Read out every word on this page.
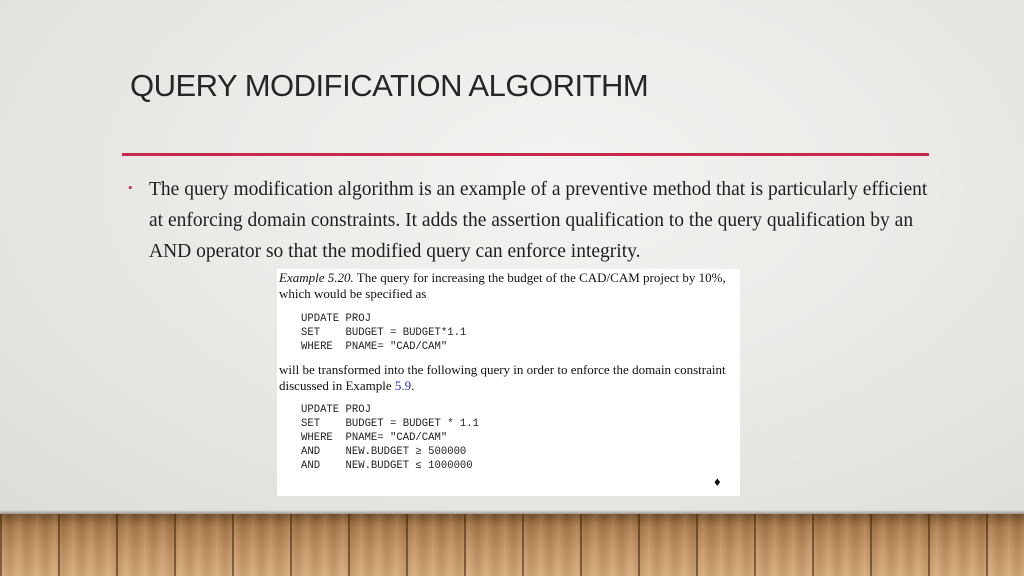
QUERY MODIFICATION ALGORITHM
• The query modification algorithm is an example of a preventive method that is particularly efficient at enforcing domain constraints. It adds the assertion qualification to the query qualification by an AND operator so that the modified query can enforce integrity.

Example 5.20. The query for increasing the budget of the CAD/CAM project by 10%, which would be specified as

UPDATE PROJ
SET    BUDGET = BUDGET*1.1
WHERE  PNAME= "CAD/CAM"

will be transformed into the following query in order to enforce the domain constraint discussed in Example 5.9.

UPDATE PROJ
SET    BUDGET = BUDGET * 1.1
WHERE  PNAME= "CAD/CAM"
AND    NEW.BUDGET ≥ 500000
AND    NEW.BUDGET ≤ 1000000
♦
